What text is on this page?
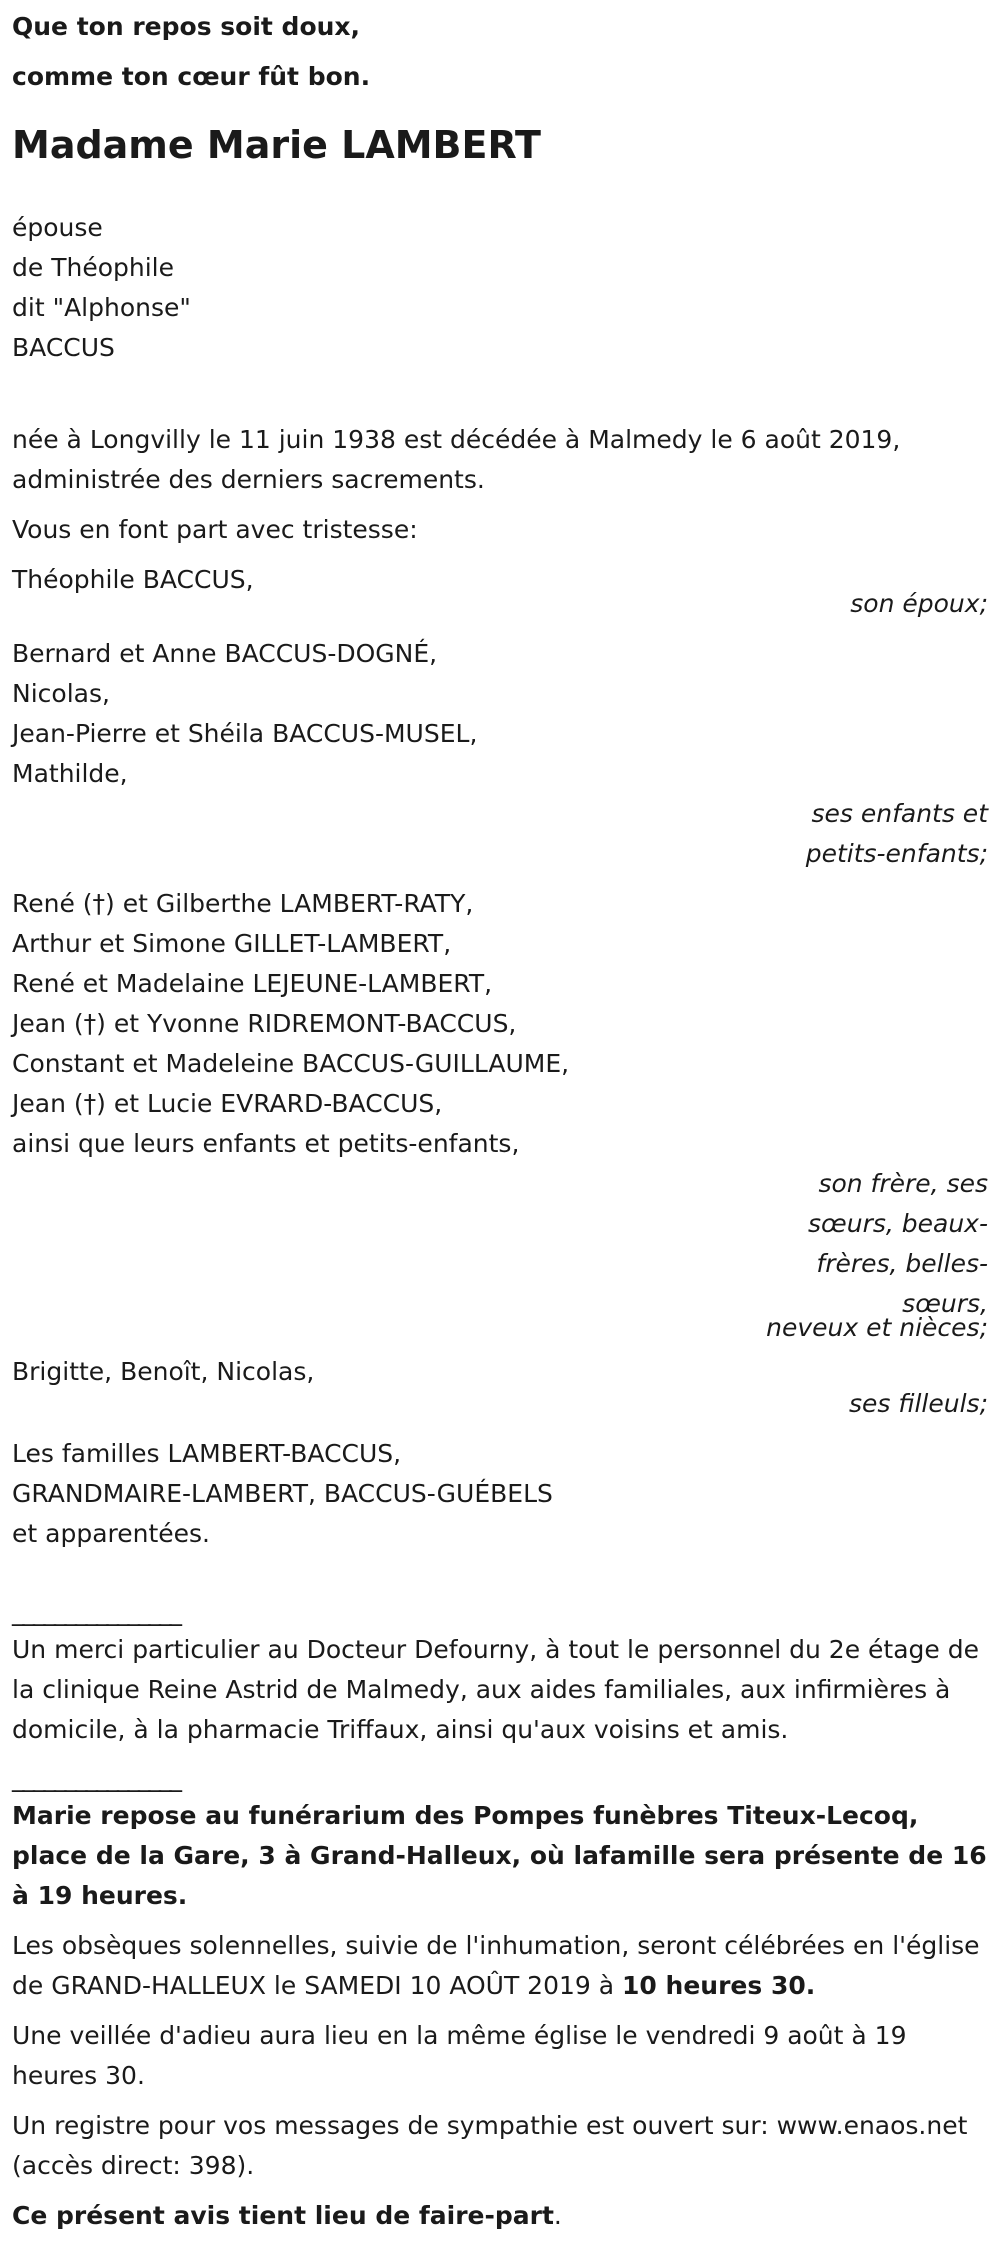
Que ton repos soit doux,
comme ton cœur fût bon.
Madame Marie LAMBERT
épouse
de Théophile
dit "Alphonse"
BACCUS
née à Longvilly le 11 juin 1938 est décédée à Malmedy le 6 août 2019,
administrée des derniers sacrements.
Vous en font part avec tristesse:
Théophile BACCUS,
son époux;
Bernard et Anne BACCUS-DOGNÉ,
Nicolas,
Jean-Pierre et Shéila BACCUS-MUSEL,
Mathilde,
ses enfants et
petits-enfants;
René (†) et Gilberthe LAMBERT-RATY,
Arthur et Simone GILLET-LAMBERT,
René et Madelaine LEJEUNE-LAMBERT,
Jean (†) et Yvonne RIDREMONT-BACCUS,
Constant et Madeleine BACCUS-GUILLAUME,
Jean (†) et Lucie EVRARD-BACCUS,
ainsi que leurs enfants et petits-enfants,
son frère, ses
sœurs, beaux-
frères, belles-
sœurs,
neveux et nièces;
Brigitte, Benoît, Nicolas,
ses filleuls;
Les familles LAMBERT-BACCUS,
GRANDMAIRE-LAMBERT, BACCUS-GUÉBELS
et apparentées.
________________

Un merci particulier au Docteur Defourny, à tout le personnel du 2e étage de la clinique Reine Astrid de Malmedy, aux aides familiales, aux infirmières à domicile, à la pharmacie Triffaux, ainsi qu'aux voisins et amis.

________________

Marie repose au funérarium des Pompes funèbres Titeux-Lecoq, place de la Gare, 3 à Grand-Halleux, où lafamille sera présente de 16 à 19 heures.

Les obsèques solennelles, suivie de l'inhumation, seront célébrées en l'église de GRAND-HALLEUX le SAMEDI 10 AOÛT 2019 à 10 heures 30.

Une veillée d'adieu aura lieu en la même église le vendredi 9 août à 19 heures 30.

Un registre pour vos messages de sympathie est ouvert sur: www.enaos.net (accès direct: 398).

Ce présent avis tient lieu de faire-part.
